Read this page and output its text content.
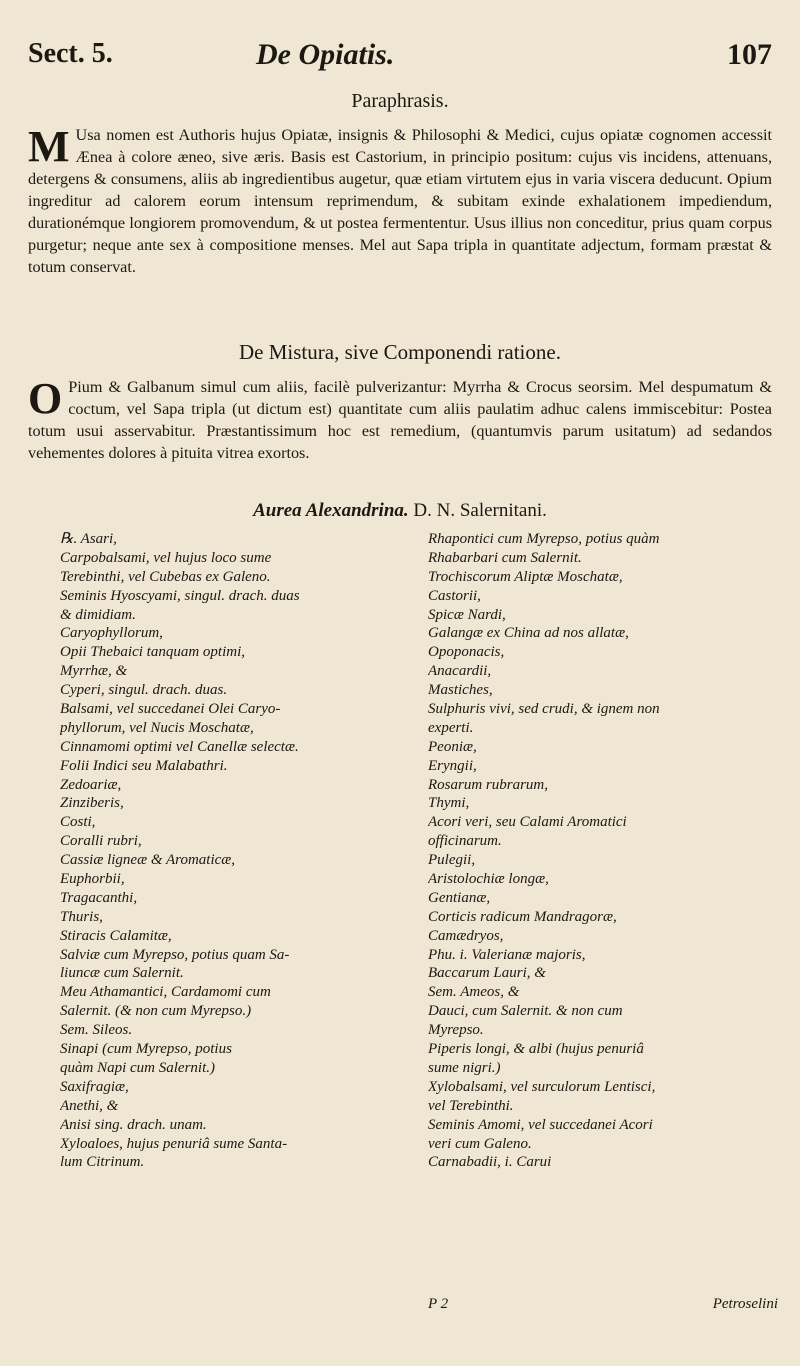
Sect. 5.	De Opiatis.	107
Paraphrasis.
M Usa nomen est Authoris hujus Opiatæ, insignis & Philosophi & Medici, cujus opiatæ cognomen accessit Ænea à colore æneo, sive æris. Basis est Castorium, in principio positum: cujus vis incidens, attenuans, detergens & consumens, aliis ab ingredientibus augetur, quæ etiam virtutem ejus in varia viscera deducunt. Opium ingreditur ad calorem eorum intensum reprimendum, & subitam exinde exhalationem impediendum, durationémque longiorem promovendum, & ut postea fermententur. Usus illius non conceditur, prius quam corpus purgetur; neque ante sex à compositione menses. Mel aut Sapa tripla in quantitate adjectum, formam præstat & totum conservat.
De Mistura, sive Componendi ratione.
O Pium & Galbanum simul cum aliis, facilè pulverizantur: Myrrha & Crocus seorsim. Mel despumatum & coctum, vel Sapa tripla (ut dictum est) quantitate cum aliis paulatim adhuc calens immiscebitur: Postea totum usui asservabitur. Præstantissimum hoc est remedium, (quantumvis parum usitatum) ad sedandos vehementes dolores à pituita vitrea exortos.
Aurea Alexandrina. D. N. Salernitani.
℞. Asari,
Carpobalsami, vel hujus loco sume
Terebinthi, vel Cubebas ex Galeno.
Seminis Hyoscyami, singul. drach. duas
& dimidiam.
Caryophyllorum,
Opii Thebaici tanquam optimi,
Myrrhæ, &
Cyperi, singul. drach. duas.
Balsami, vel succedanei Olei Caryo-
phyllorum, vel Nucis Moschatæ,
Cinnamomi optimi vel Canellæ selectæ.
Folii Indici seu Malabathri.
Zedoariæ,
Zinziberis,
Costi,
Coralli rubri,
Cassiæ ligneæ & Aromaticæ,
Euphorbii,
Tragacanthi,
Thuris,
Stiracis Calamitæ,
Salviæ cum Myrepso, potius quam Sa-
liuncæ cum Salernit.
Meu Athamantici, Cardamomi cum
Salernit. (& non cum Myrepso.)
Sem. Sileos.
Sinapi (cum Myrepso, potius
quàm Napi cum Salernit.)
Saxifragiæ,
Anethi, &
Anisi sing. drach. unam.
Xyloaloes, hujus penuriâ sume Santa-
lum Citrinum.
Rhapontici cum Myrepso, potius quàm
Rhabarbari cum Salernit.
Trochiscorum Aliptæ Moschatæ,
Castorii,
Spicæ Nardi,
Galangæ ex China ad nos allatæ,
Opoponacis,
Anacardii,
Mastiches,
Sulphuris vivi, sed crudi, & ignem non
experti.
Peoniæ,
Eryngii,
Rosarum rubrarum,
Thymi,
Acori veri, seu Calami Aromatici
officinarum.
Pulegii,
Aristolochiæ longæ,
Gentianæ,
Corticis radicum Mandragoræ,
Camædryos,
Phu. i. Valerianæ majoris,
Baccarum Lauri, &
Sem. Ameos, &
Dauci, cum Salernit. & non cum
Myrepso.
Piperis longi, & albi (hujus penuriâ
sume nigri.)
Xylobalsami, vel surculorum Lentisci,
vel Terebinthi.
Seminis Amomi, vel succedanei Acori
veri cum Galeno.
Carnabadii, i. Carui
P 2	Petroselini
